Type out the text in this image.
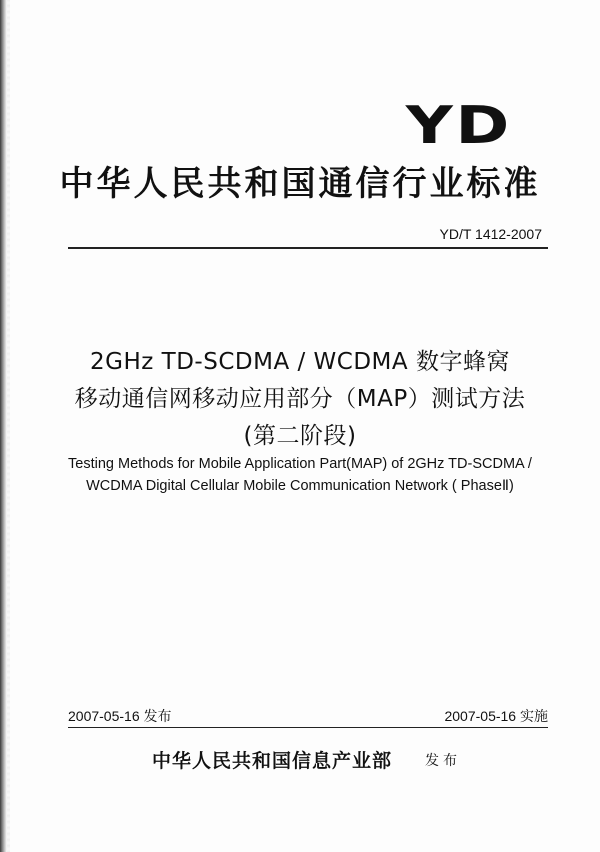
YD
中华人民共和国通信行业标准
YD/T 1412-2007
2GHz TD-SCDMA / WCDMA 数字蜂窝
移动通信网移动应用部分（MAP）测试方法
(第二阶段)
Testing Methods for Mobile Application Part(MAP) of 2GHz TD-SCDMA /
WCDMA Digital Cellular Mobile Communication Network ( PhaseⅡ)
2007-05-16 发布	2007-05-16 实施
中华人民共和国信息产业部 发布
